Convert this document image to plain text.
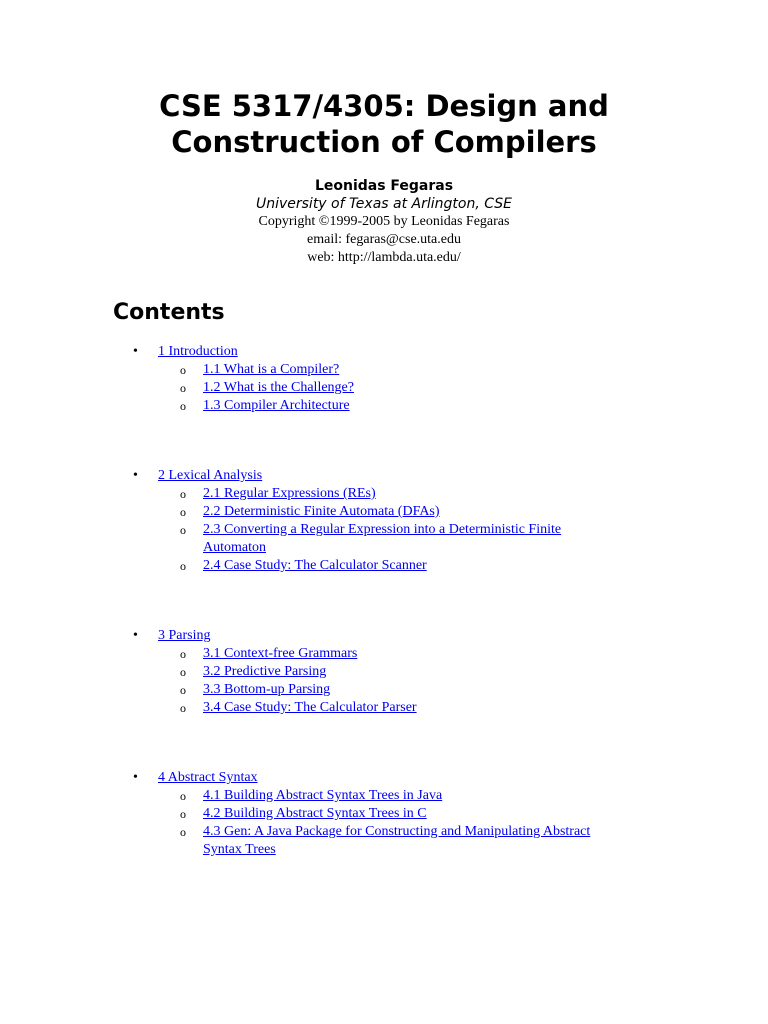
CSE 5317/4305: Design and
Construction of Compilers
Leonidas Fegaras
University of Texas at Arlington, CSE
Copyright ©1999-2005 by Leonidas Fegaras
email: fegaras@cse.uta.edu
web: http://lambda.uta.edu/
Contents
• 1 Introduction
o 1.1 What is a Compiler?
o 1.2 What is the Challenge?
o 1.3 Compiler Architecture
• 2 Lexical Analysis
o 2.1 Regular Expressions (REs)
o 2.2 Deterministic Finite Automata (DFAs)
o 2.3 Converting a Regular Expression into a Deterministic Finite Automaton
o 2.4 Case Study: The Calculator Scanner
• 3 Parsing
o 3.1 Context-free Grammars
o 3.2 Predictive Parsing
o 3.3 Bottom-up Parsing
o 3.4 Case Study: The Calculator Parser
• 4 Abstract Syntax
o 4.1 Building Abstract Syntax Trees in Java
o 4.2 Building Abstract Syntax Trees in C
o 4.3 Gen: A Java Package for Constructing and Manipulating Abstract Syntax Trees
